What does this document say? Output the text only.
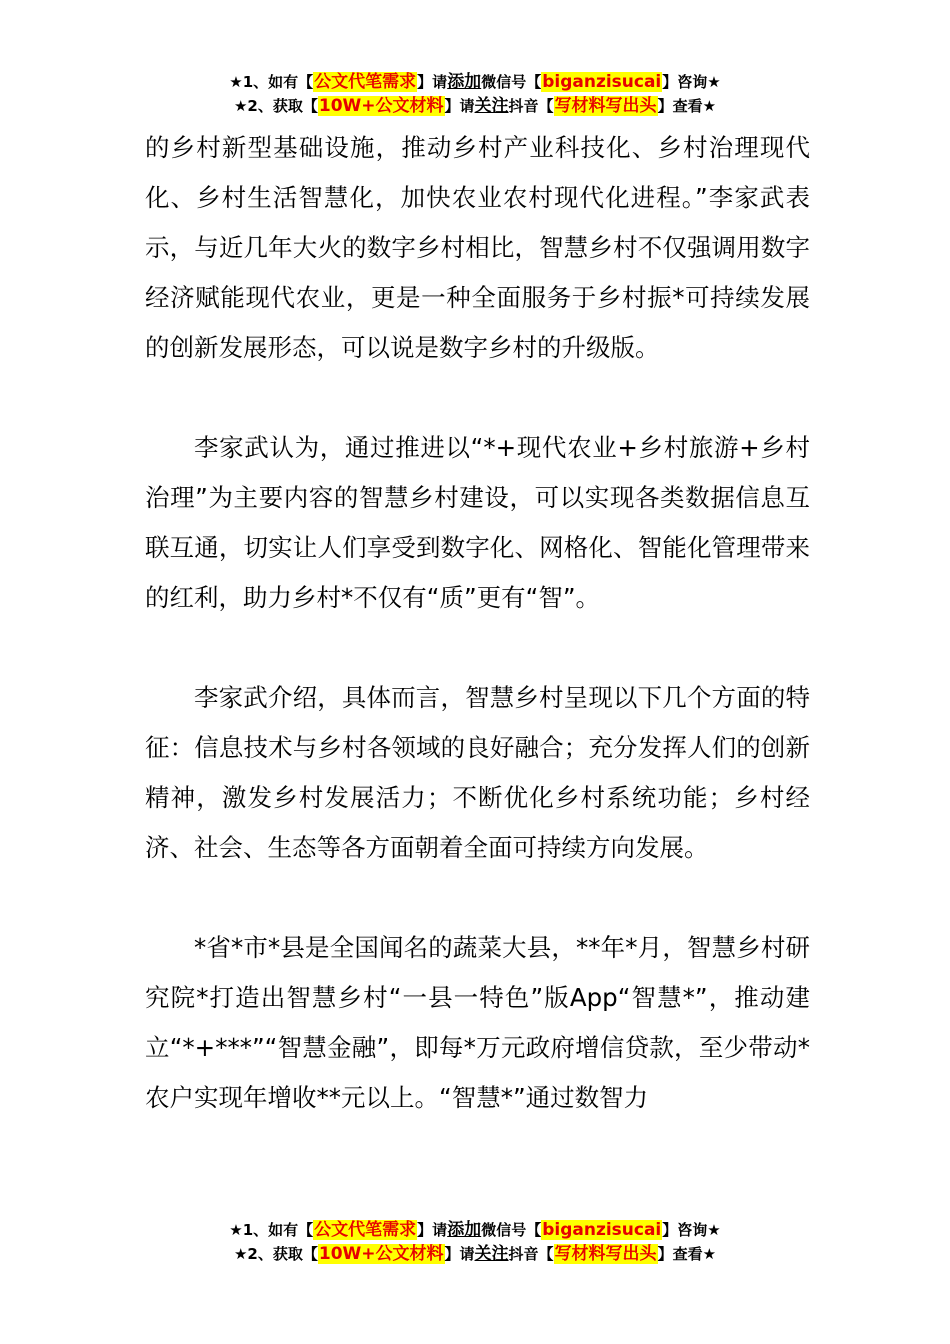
★1、如有【公文代笔需求】请添加微信号【biganzisucai】咨询★
★2、获取【10W+公文材料】请关注抖音【写材料写出头】查看★

的乡村新型基础设施，推动乡村产业科技化、乡村治理现代化、乡村生活智慧化，加快农业农村现代化进程。”李家武表示，与近几年大火的数字乡村相比，智慧乡村不仅强调用数字经济赋能现代农业，更是一种全面服务于乡村振*可持续发展的创新发展形态，可以说是数字乡村的升级版。

李家武认为，通过推进以“*+现代农业+乡村旅游+乡村治理”为主要内容的智慧乡村建设，可以实现各类数据信息互联互通，切实让人们享受到数字化、网格化、智能化管理带来的红利，助力乡村*不仅有“质”更有“智”。

李家武介绍，具体而言，智慧乡村呈现以下几个方面的特征：信息技术与乡村各领域的良好融合；充分发挥人们的创新精神，激发乡村发展活力；不断优化乡村系统功能；乡村经济、社会、生态等各方面朝着全面可持续方向发展。

*省*市*县是全国闻名的蔬菜大县，**年*月，智慧乡村研究院*打造出智慧乡村“一县一特色”版App“智慧*”，推动建立“*+***”“智慧金融”，即每*万元政府增信贷款，至少带动*农户实现年增收**元以上。“智慧*”通过数智力

★1、如有【公文代笔需求】请添加微信号【biganzisucai】咨询★
★2、获取【10W+公文材料】请关注抖音【写材料写出头】查看★
